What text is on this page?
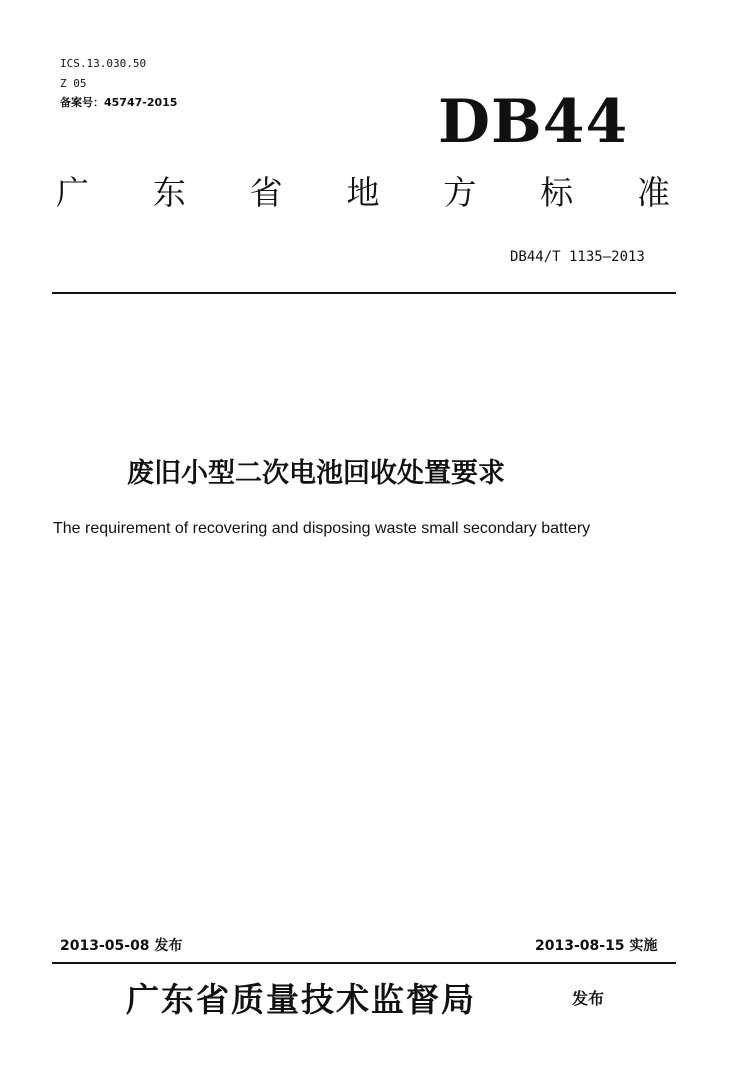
ICS.13.030.50
Z 05
备案号：45747-2015	DB44
广 东 省 地 方 标 准
DB44/T 1135—2013
废旧小型二次电池回收处置要求
The requirement of recovering and disposing waste small secondary battery
2013-05-08 发布	2013-08-15 实施
广东省质量技术监督局	发布
